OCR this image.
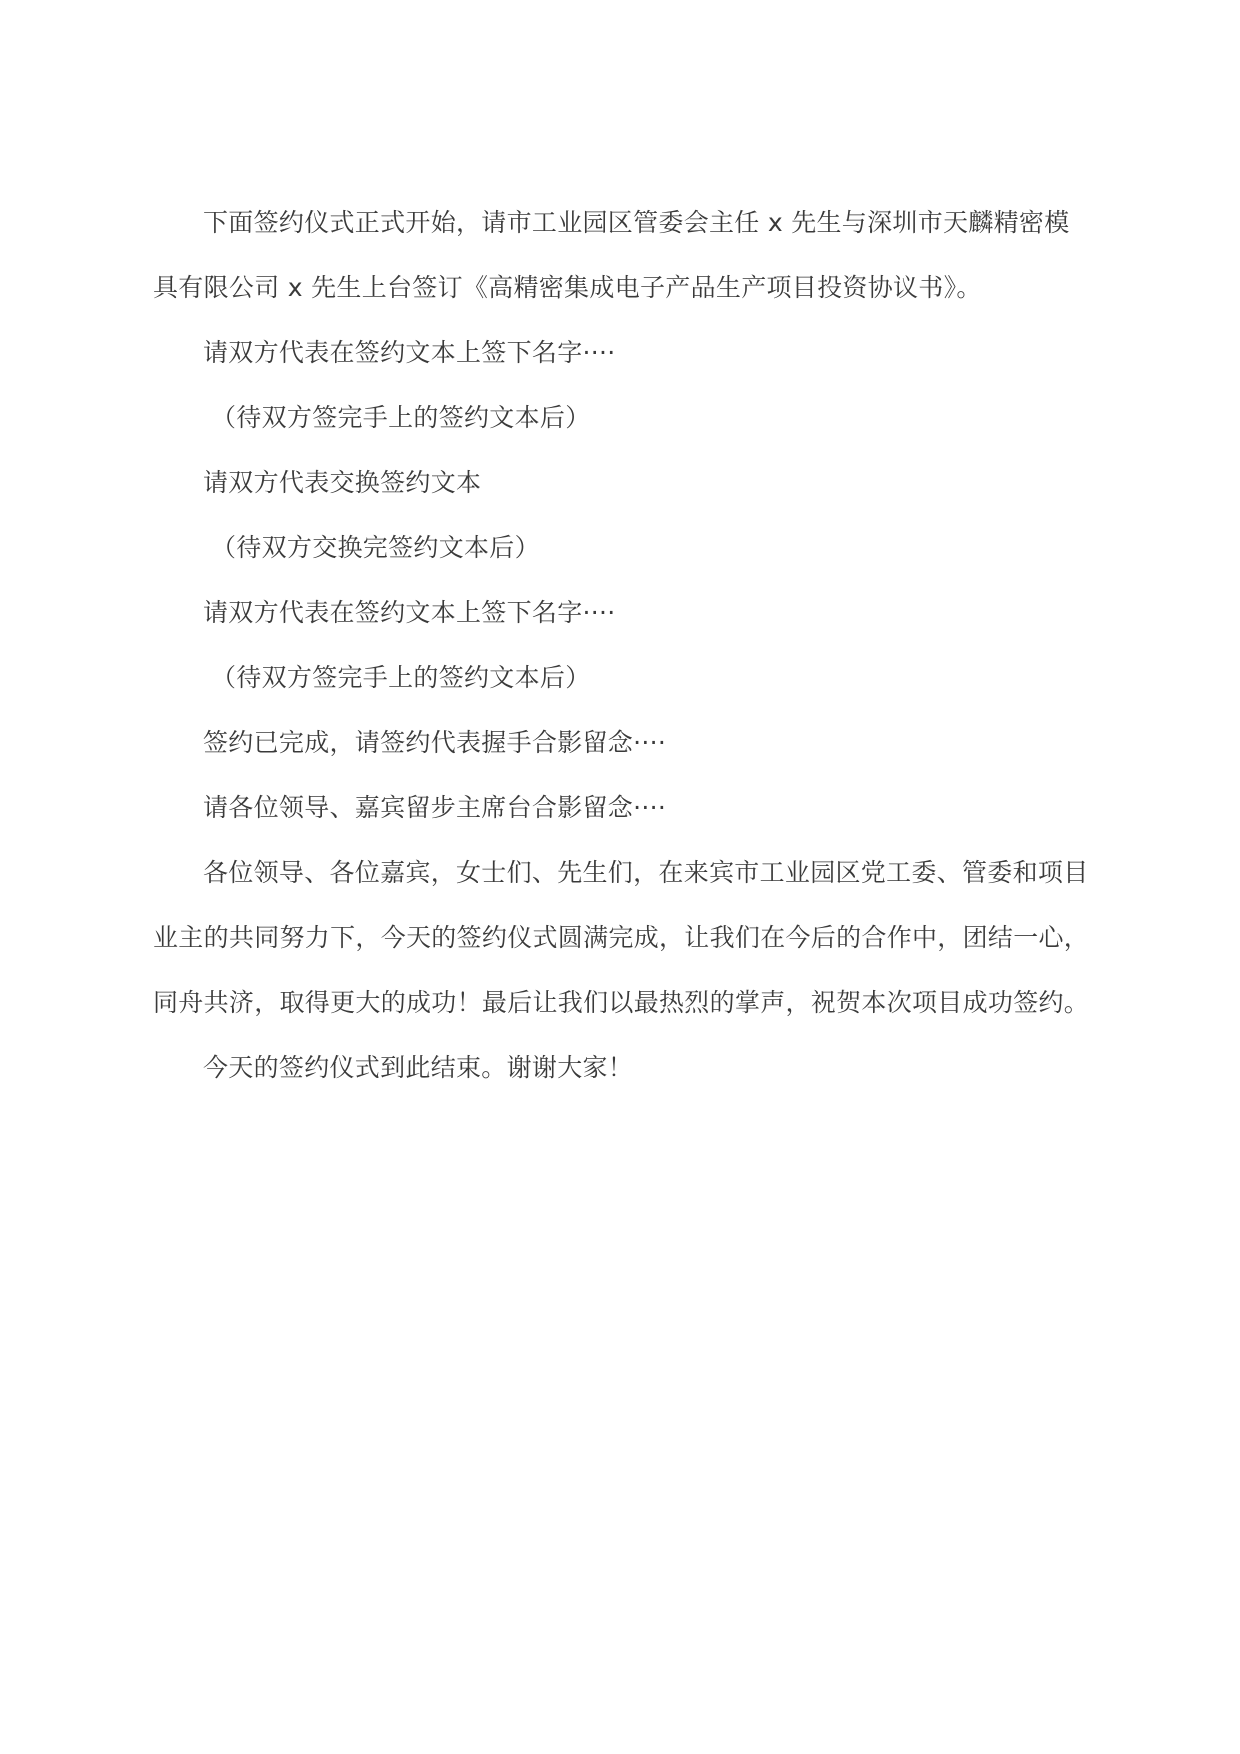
下面签约仪式正式开始，请市工业园区管委会主任 x 先生与深圳市天麟精密模具有限公司 x 先生上台签订《高精密集成电子产品生产项目投资协议书》。

请双方代表在签约文本上签下名字····

（待双方签完手上的签约文本后）

请双方代表交换签约文本

（待双方交换完签约文本后）

请双方代表在签约文本上签下名字····

（待双方签完手上的签约文本后）

签约已完成，请签约代表握手合影留念····

请各位领导、嘉宾留步主席台合影留念····

各位领导、各位嘉宾，女士们、先生们，在来宾市工业园区党工委、管委和项目业主的共同努力下，今天的签约仪式圆满完成，让我们在今后的合作中，团结一心，同舟共济，取得更大的成功！最后让我们以最热烈的掌声，祝贺本次项目成功签约。

今天的签约仪式到此结束。谢谢大家！
